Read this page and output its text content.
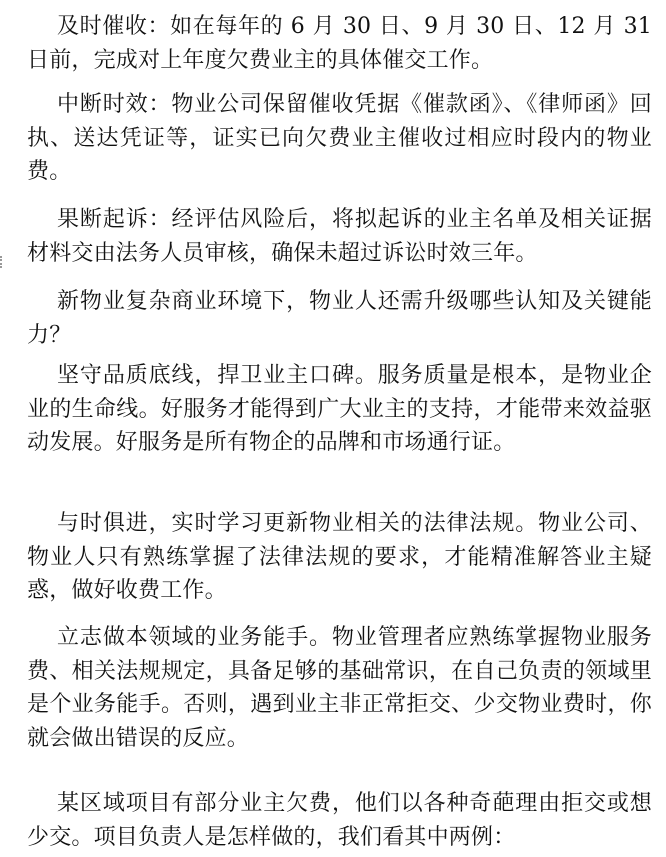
及时催收：如在每年的 6 月 30 日、9 月 30 日、12 月 31 日前，完成对上年度欠费业主的具体催交工作。

中断时效：物业公司保留催收凭据《催款函》、《律师函》回执、送达凭证等，证实已向欠费业主催收过相应时段内的物业费。

果断起诉：经评估风险后，将拟起诉的业主名单及相关证据材料交由法务人员审核，确保未超过诉讼时效三年。

新物业复杂商业环境下，物业人还需升级哪些认知及关键能力？

坚守品质底线，捍卫业主口碑。服务质量是根本，是物业企业的生命线。好服务才能得到广大业主的支持，才能带来效益驱动发展。好服务是所有物企的品牌和市场通行证。

与时俱进，实时学习更新物业相关的法律法规。物业公司、物业人只有熟练掌握了法律法规的要求，才能精准解答业主疑惑，做好收费工作。

立志做本领域的业务能手。物业管理者应熟练掌握物业服务费、相关法规规定，具备足够的基础常识，在自己负责的领域里是个业务能手。否则，遇到业主非正常拒交、少交物业费时，你就会做出错误的反应。

某区域项目有部分业主欠费，他们以各种奇葩理由拒交或想少交。项目负责人是怎样做的，我们看其中两例：
